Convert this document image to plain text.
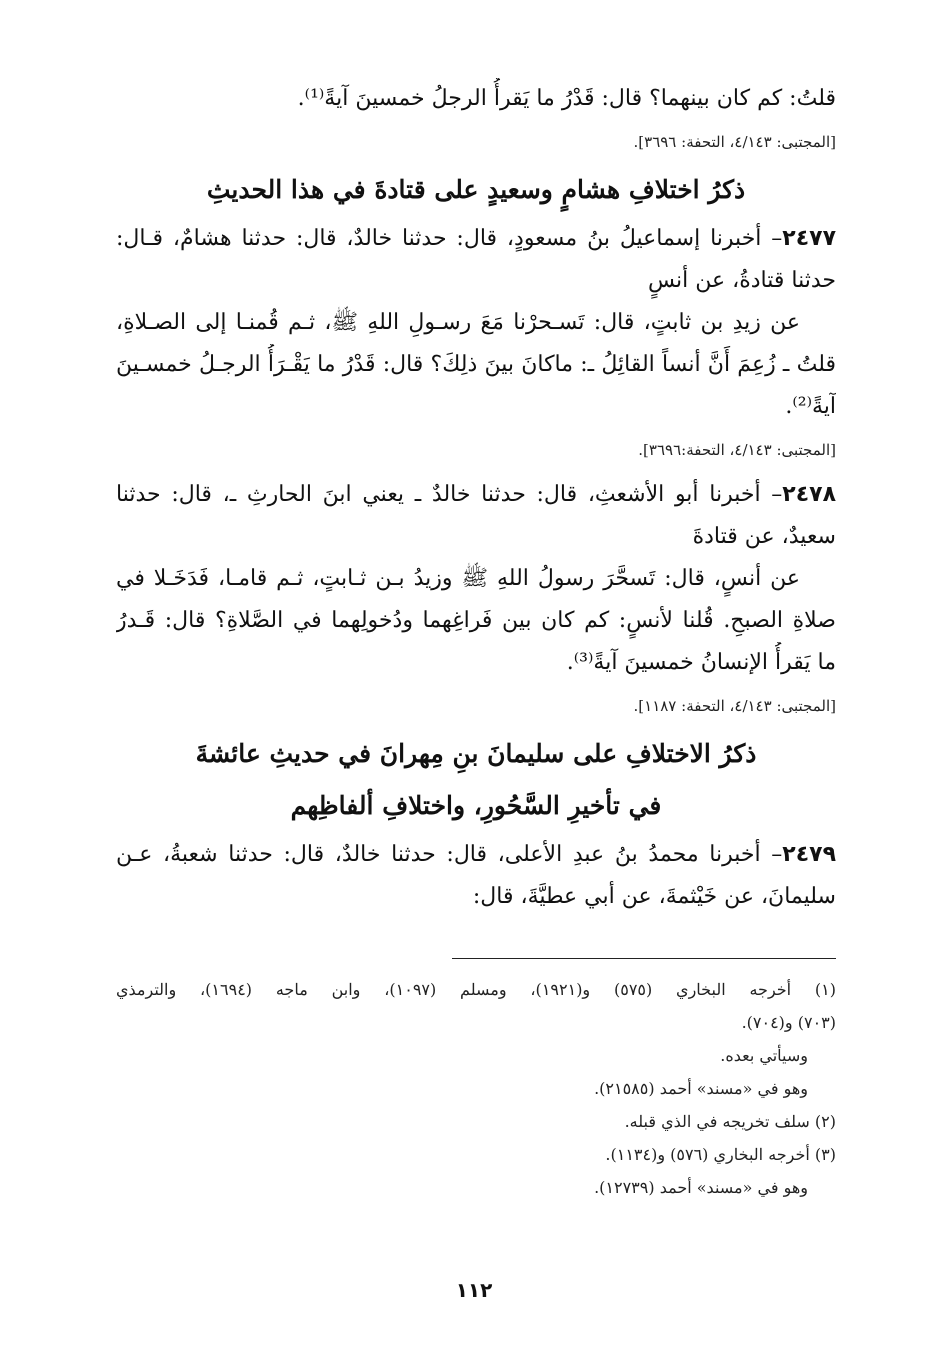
قلتُ: كم كان بينهما؟ قال: قَدْرُ ما يَقرأُ الرجلُ خمسينَ آيةً⁽¹⁾.
[المجتبى: ٤/١٤٣، التحفة: ٣٦٩٦].
ذكرُ اختلافِ هشامٍ وسعيدٍ على قتادةَ في هذا الحديثِ
٢٤٧٧– أخبرنا إسماعيلُ بنُ مسعودٍ، قال: حدثنا خالدٌ، قال: حدثنا هشامٌ، قـال:
حدثنا قتادةُ، عن أنسٍ
عن زيدِ بن ثابتٍ، قال: تَسـحرْنا مَعَ رسـولِ اللهِ ﷺ، ثـم قُمنـا إلى الصـلاةِ،
قلتُ ـ زُعِمَ أَنَّ أنساً القائِلُ ـ: ماكانَ بينَ ذلِكَ؟ قال: قَدْرُ ما يَقْـرَأُ الرجـلُ خمسـينَ
آيةً⁽²⁾.
[المجتبى: ٤/١٤٣، التحفة:٣٦٩٦].
٢٤٧٨– أخبرنا أبو الأشعثِ، قال: حدثنا خالدٌ ـ يعني ابنَ الحارثِ ـ، قال: حدثنا
سعيدٌ، عن قتادةَ
عن أنسٍ، قال: تَسحَّرَ رسولُ اللهِ ﷺ وزيدُ بـن ثـابتٍ، ثـم قامـا، فَدَخَـلا في
صلاةِ الصبحِ. قُلنا لأنسٍ: كم كان بين فَراغِهما ودُخولِهما في الصَّلاةِ؟ قال: قَـدرُ
ما يَقرأُ الإنسانُ خمسينَ آيةً⁽³⁾.
[المجتبى: ٤/١٤٣، التحفة: ١١٨٧].
ذكرُ الاختلافِ على سليمانَ بنِ مِهرانَ في حديثِ عائشةَ
في تأخيرِ السَّحُورِ، واختلافِ ألفاظِهم
٢٤٧٩– أخبرنا محمدُ بنُ عبدِ الأعلى، قال: حدثنا خالدٌ، قال: حدثنا شعبةُ، عـن
سليمانَ، عن خَيْثمةَ، عن أبي عطيَّةَ، قال:
(١) أخرجه البخاري (٥٧٥) و(١٩٢١)، ومسلم (١٠٩٧)، وابن ماجه (١٦٩٤)، والترمذي
(٧٠٣) و(٧٠٤).
وسيأتي بعده.
وهو في «مسند» أحمد (٢١٥٨٥).
(٢) سلف تخريجه في الذي قبله.
(٣) أخرجه البخاري (٥٧٦) و(١١٣٤).
وهو في «مسند» أحمد (١٢٧٣٩).
١١٢
